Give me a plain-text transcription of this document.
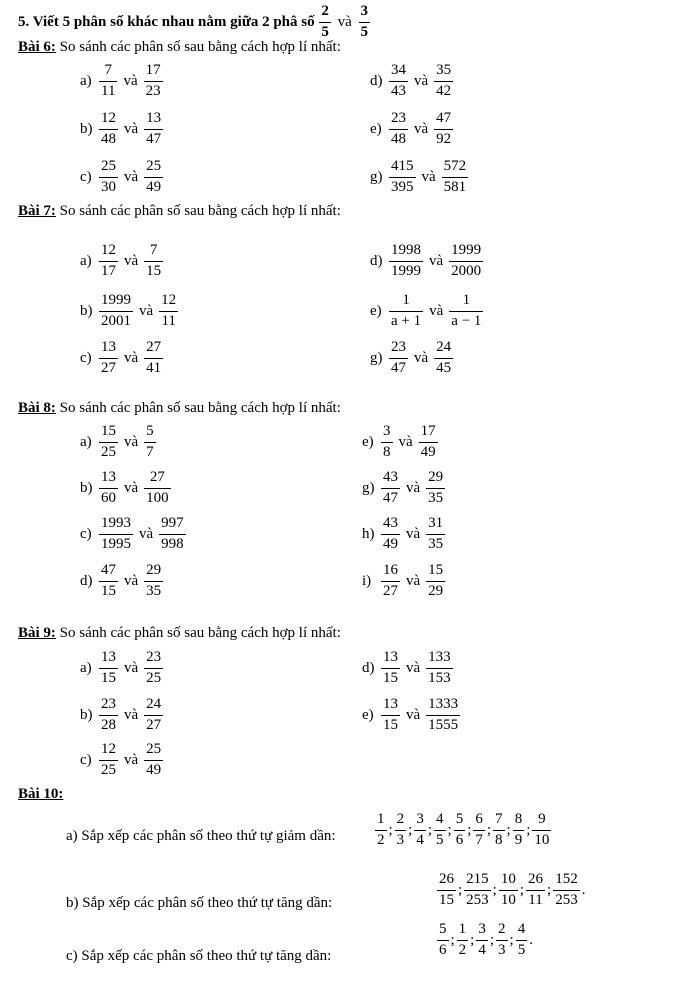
5. Viết 5 phân số khác nhau nằm giữa 2 phâ số $\frac{2}{5}$ và $\frac{3}{5}$
Bài 6: So sánh các phân số sau bằng cách hợp lí nhất:
$a) \frac{7}{11}$ và $\frac{17}{23}$	$d) \frac{34}{43}$ và $\frac{35}{42}$
$b) \frac{12}{48}$ và $\frac{13}{47}$	$e) \frac{23}{48}$ và $\frac{47}{92}$
$c) \frac{25}{30}$ và $\frac{25}{49}$	$g) \frac{415}{395}$ và $\frac{572}{581}$
Bài 7: So sánh các phân số sau bằng cách hợp lí nhất:
$a) \frac{12}{17}$ và $\frac{7}{15}$	$d) \frac{1998}{1999}$ và $\frac{1999}{2000}$
$b) \frac{1999}{2001}$ và $\frac{12}{11}$	$e) \frac{1}{a + 1}$ và $\frac{1}{a - 1}$
$c) \frac{13}{27}$ và $\frac{27}{41}$	$g) \frac{23}{47}$ và $\frac{24}{45}$
Bài 8: So sánh các phân số sau bằng cách hợp lí nhất:
$a) \frac{15}{25}$ và $\frac{5}{7}$	$e) \frac{3}{8}$ và $\frac{17}{49}$
$b) \frac{13}{60}$ và $\frac{27}{100}$	$g) \frac{43}{47}$ và $\frac{29}{35}$
$c) \frac{1993}{1995}$ và $\frac{997}{998}$	$h) \frac{43}{49}$ và $\frac{31}{35}$
$d) \frac{47}{15}$ và $\frac{29}{35}$	$i) \frac{16}{27}$ và $\frac{15}{29}$
Bài 9: So sánh các phân số sau bằng cách hợp lí nhất:
$a) \frac{13}{15}$ và $\frac{23}{25}$	$d) \frac{13}{15}$ và $\frac{133}{153}$
$b) \frac{23}{28}$ và $\frac{24}{27}$	$e) \frac{13}{15}$ và $\frac{1333}{1555}$
$c) \frac{12}{25}$ và $\frac{25}{49}$
Bài 10:
a) Sắp xếp các phân số theo thứ tự giảm dần:	$\frac{1}{2}$ ; $\frac{2}{3}$ ; $\frac{3}{4}$ ; $\frac{4}{5}$ ; $\frac{5}{6}$ ; $\frac{6}{7}$ ; $\frac{7}{8}$ ; $\frac{8}{9}$ ; $\frac{9}{10}$
b) Sắp xếp các phân số theo thứ tự tăng dần:	$\frac{26}{15}$ ; $\frac{215}{253}$ ; $\frac{10}{10}$ ; $\frac{26}{11}$ ; $\frac{152}{253}$ .
c) Sắp xếp các phân số theo thứ tự tăng dần:	$\frac{5}{6}$ ; $\frac{1}{2}$ ; $\frac{3}{4}$ ; $\frac{2}{3}$ ; $\frac{4}{5}$ .
